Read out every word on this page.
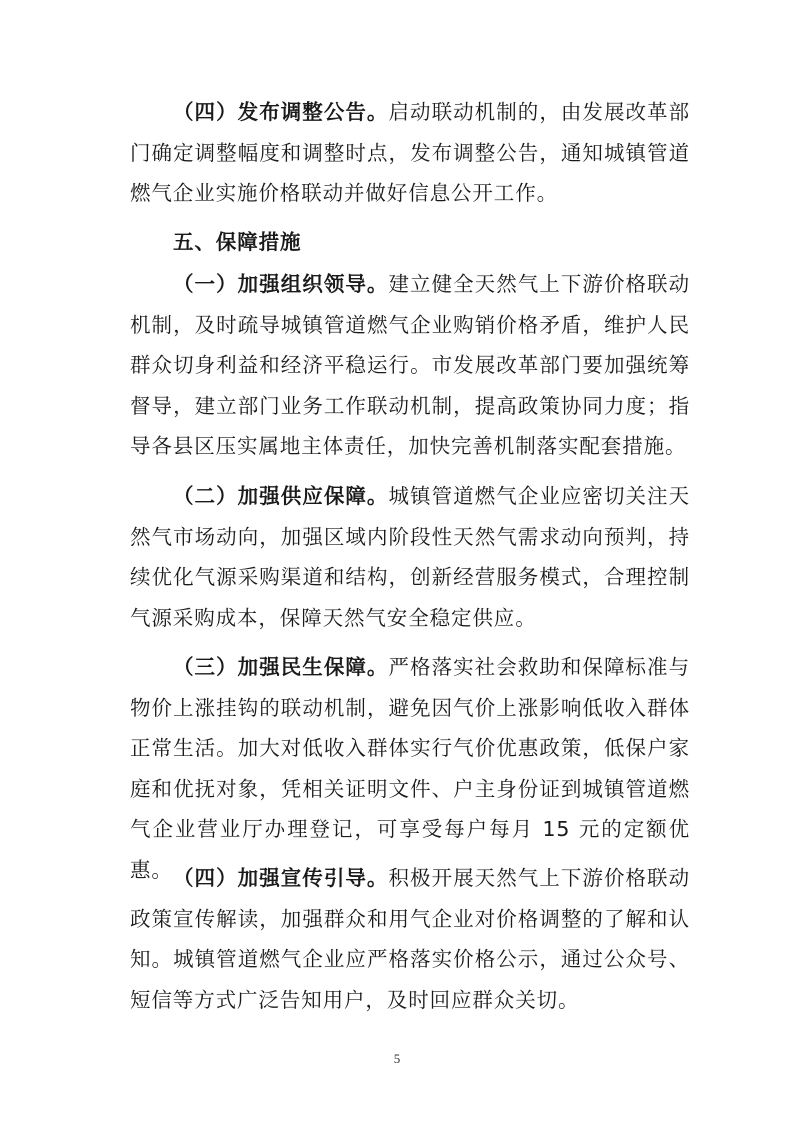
（四）发布调整公告。启动联动机制的，由发展改革部门确定调整幅度和调整时点，发布调整公告，通知城镇管道燃气企业实施价格联动并做好信息公开工作。

五、保障措施

（一）加强组织领导。建立健全天然气上下游价格联动机制，及时疏导城镇管道燃气企业购销价格矛盾，维护人民群众切身利益和经济平稳运行。市发展改革部门要加强统筹督导，建立部门业务工作联动机制，提高政策协同力度；指导各县区压实属地主体责任，加快完善机制落实配套措施。

（二）加强供应保障。城镇管道燃气企业应密切关注天然气市场动向，加强区域内阶段性天然气需求动向预判，持续优化气源采购渠道和结构，创新经营服务模式，合理控制气源采购成本，保障天然气安全稳定供应。

（三）加强民生保障。严格落实社会救助和保障标准与物价上涨挂钩的联动机制，避免因气价上涨影响低收入群体正常生活。加大对低收入群体实行气价优惠政策，低保户家庭和优抚对象，凭相关证明文件、户主身份证到城镇管道燃气企业营业厅办理登记，可享受每户每月 15 元的定额优惠。 （四）加强宣传引导。积极开展天然气上下游价格联动政策宣传解读，加强群众和用气企业对价格调整的了解和认知。城镇管道燃气企业应严格落实价格公示，通过公众号、短信等方式广泛告知用户，及时回应群众关切。

5
